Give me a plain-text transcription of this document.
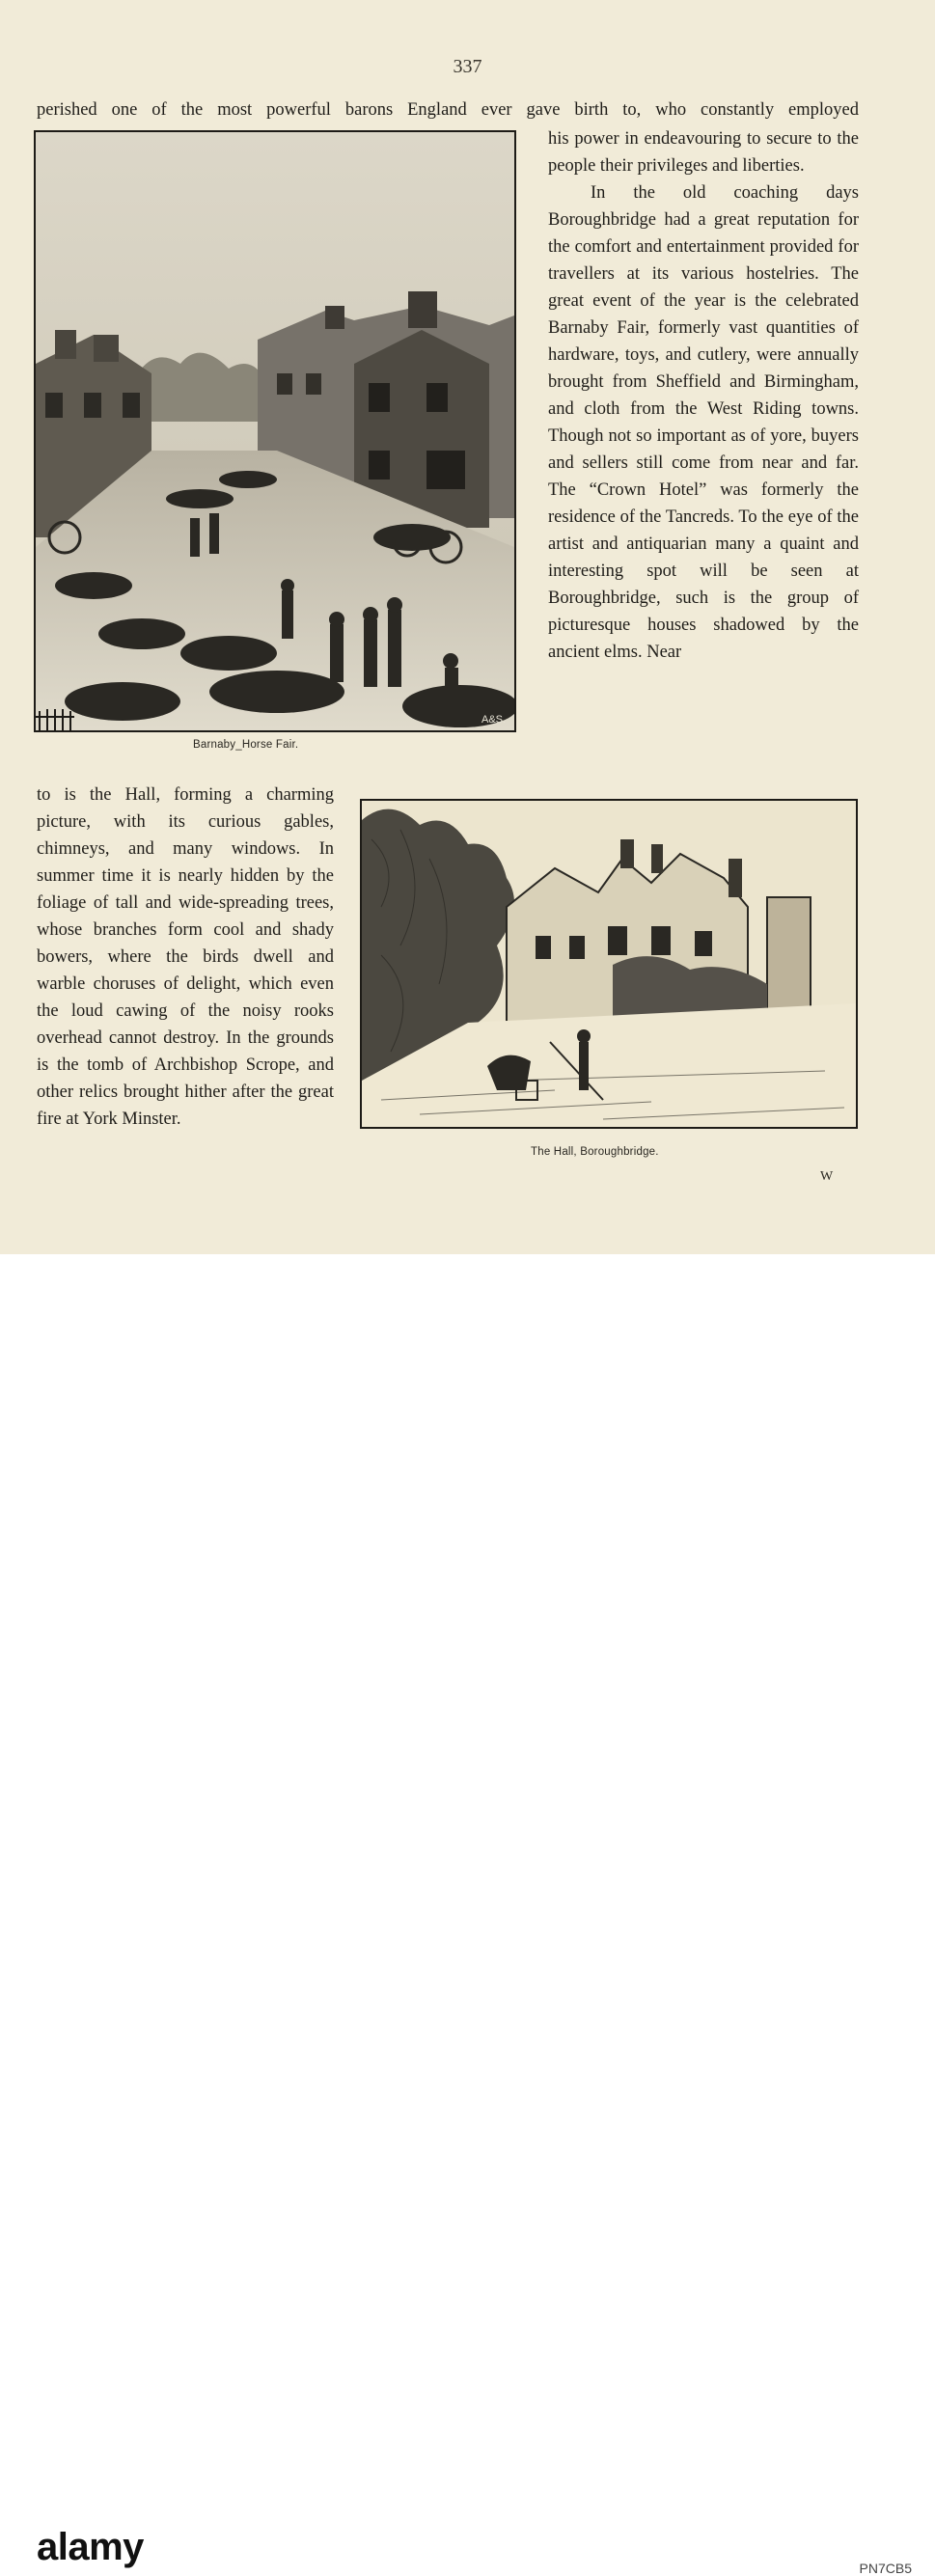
337
perished one of the most powerful barons England ever gave birth to, who constantly employed
A&S.
Barnaby_Horse Fair.

his power in endeavouring to secure to the people their privileges and liberties.

In the old coaching days Boroughbridge had a great reputation for the comfort and entertainment provided for travellers at its various hostelries. The great event of the year is the celebrated Barnaby Fair, formerly vast quantities of hardware, toys, and cutlery, were annually brought from Sheffield and Birmingham, and cloth from the West Riding towns. Though not so important as of yore, buyers and sellers still come from near and far. The “Crown Hotel” was formerly the residence of the Tancreds. To the eye of the artist and antiquarian many a quaint and interesting spot will be seen at Boroughbridge, such is the group of picturesque houses shadowed by the ancient elms. Near

to is the Hall, forming a charming picture, with its curious gables, chimneys, and many windows. In summer time it is nearly hidden by the foliage of tall and wide-spreading trees, whose branches form cool and shady bowers, where the birds dwell and warble choruses of delight, which even the loud cawing of the noisy rooks overhead cannot destroy. In the grounds is the tomb of Archbishop Scrope, and other relics brought hither after the great fire at York Minster.

The Hall, Boroughbridge.
W
alamy	PN7CB5
